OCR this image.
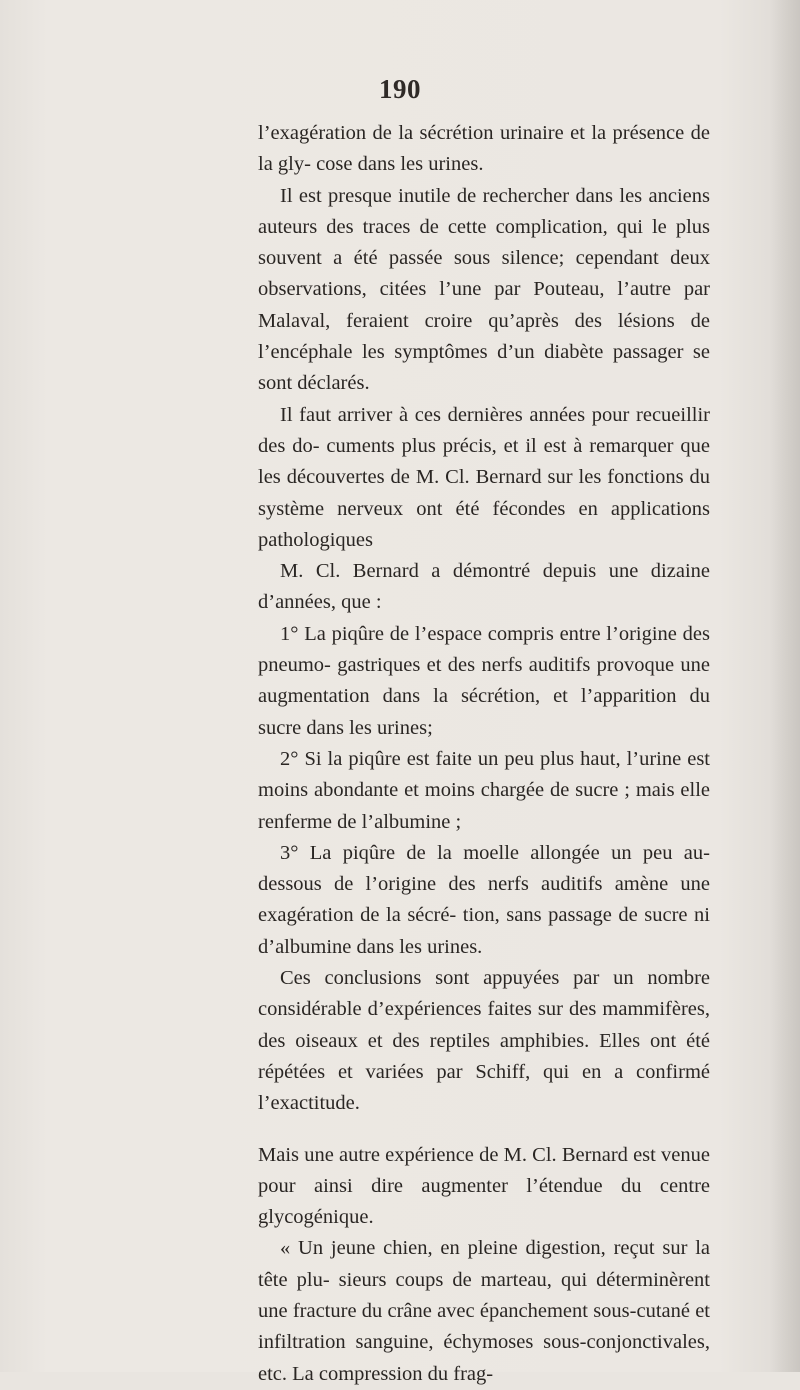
190

l’exagération de la sécrétion urinaire et la présence de la gly- cose dans les urines.

Il est presque inutile de rechercher dans les anciens auteurs des traces de cette complication, qui le plus souvent a été passée sous silence; cependant deux observations, citées l’une par Pouteau, l’autre par Malaval, feraient croire qu’après des lésions de l’encéphale les symptômes d’un diabète passager se sont déclarés.

Il faut arriver à ces dernières années pour recueillir des do- cuments plus précis, et il est à remarquer que les découvertes de M. Cl. Bernard sur les fonctions du système nerveux ont été fécondes en applications pathologiques

M. Cl. Bernard a démontré depuis une dizaine d’années, que :

1° La piqûre de l’espace compris entre l’origine des pneumo- gastriques et des nerfs auditifs provoque une augmentation dans la sécrétion, et l’apparition du sucre dans les urines;

2° Si la piqûre est faite un peu plus haut, l’urine est moins abondante et moins chargée de sucre ; mais elle renferme de l’albumine ;

3° La piqûre de la moelle allongée un peu au-dessous de l’origine des nerfs auditifs amène une exagération de la sécré- tion, sans passage de sucre ni d’albumine dans les urines.

Ces conclusions sont appuyées par un nombre considérable d’expériences faites sur des mammifères, des oiseaux et des reptiles amphibies. Elles ont été répétées et variées par Schiff, qui en a confirmé l’exactitude.

Mais une autre expérience de M. Cl. Bernard est venue pour ainsi dire augmenter l’étendue du centre glycogénique.

« Un jeune chien, en pleine digestion, reçut sur la tête plu- sieurs coups de marteau, qui déterminèrent une fracture du crâne avec épanchement sous-cutané et infiltration sanguine, échymoses sous-conjonctivales, etc. La compression du frag-
